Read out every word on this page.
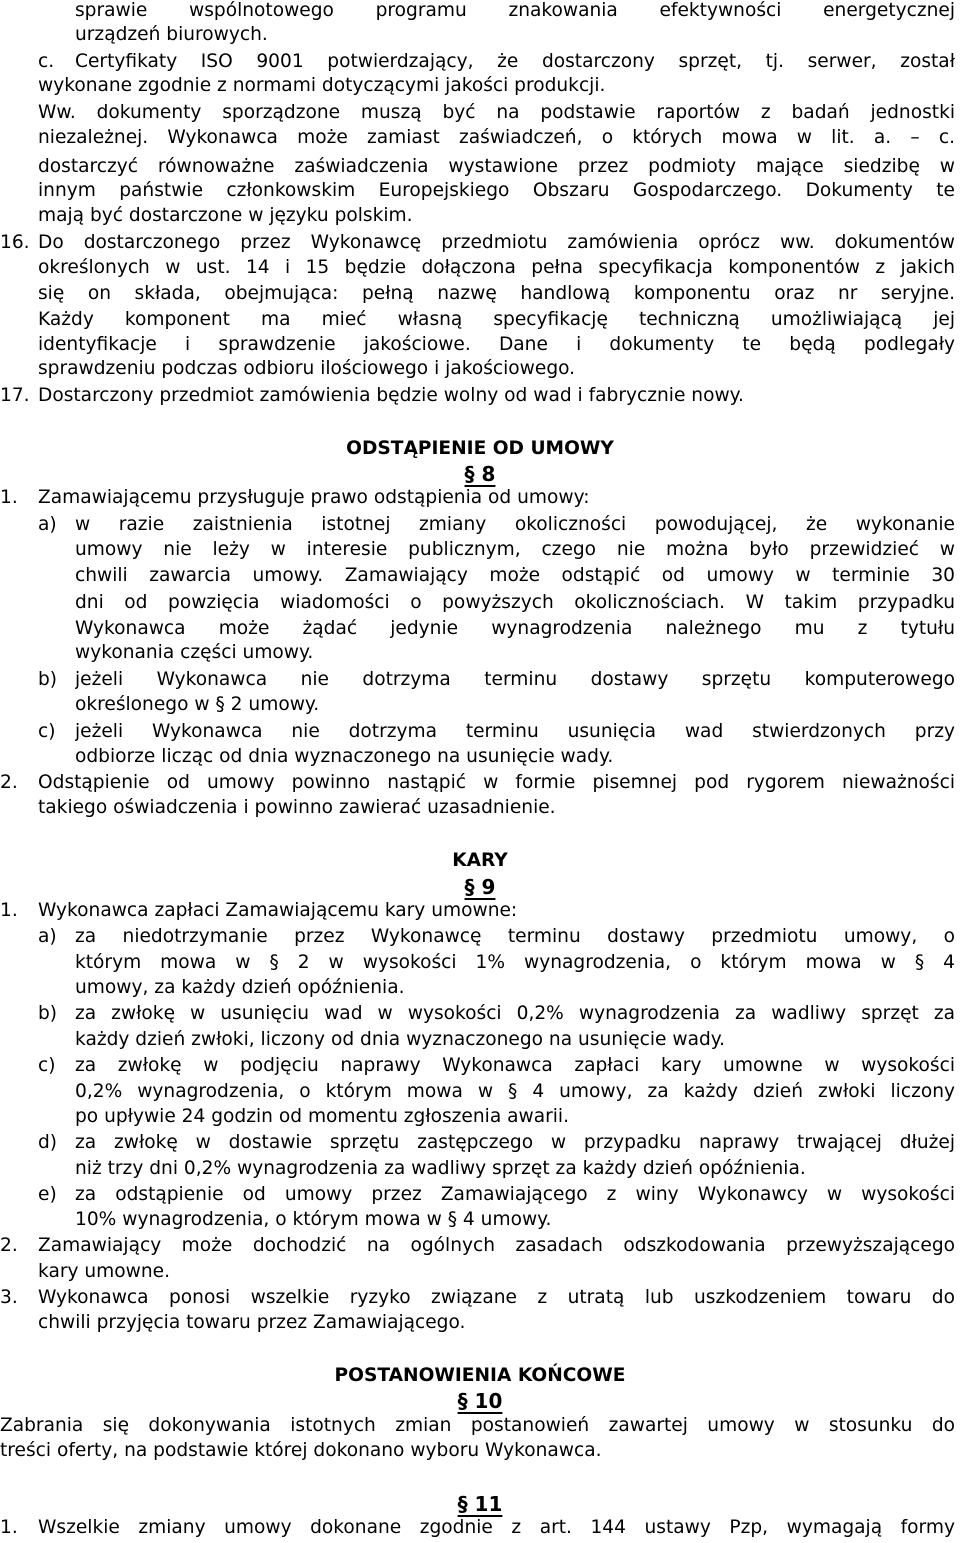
sprawie wspólnotowego programu znakowania efektywności energetycznej
urządzeń biurowych.
c. Certyfikaty ISO 9001 potwierdzający, że dostarczony sprzęt, tj. serwer, został
wykonane zgodnie z normami dotyczącymi jakości produkcji.
Ww. dokumenty sporządzone muszą być na podstawie raportów z badań jednostki
niezależnej. Wykonawca może zamiast zaświadczeń, o których mowa w lit. a. – c.
dostarczyć równoważne zaświadczenia wystawione przez podmioty mające siedzibę w
innym państwie członkowskim Europejskiego Obszaru Gospodarczego. Dokumenty te
mają być dostarczone w języku polskim.
16. Do dostarczonego przez Wykonawcę przedmiotu zamówienia oprócz ww. dokumentów
określonych w ust. 14 i 15 będzie dołączona pełna specyfikacja komponentów z jakich
się on składa, obejmująca: pełną nazwę handlową komponentu oraz nr seryjne.
Każdy komponent ma mieć własną specyfikację techniczną umożliwiającą jej
identyfikacje i sprawdzenie jakościowe. Dane i dokumenty te będą podlegały
sprawdzeniu podczas odbioru ilościowego i jakościowego.
17. Dostarczony przedmiot zamówienia będzie wolny od wad i fabrycznie nowy.
ODSTĄPIENIE OD UMOWY
§ 8
1. Zamawiającemu przysługuje prawo odstąpienia od umowy:
a) w razie zaistnienia istotnej zmiany okoliczności powodującej, że wykonanie
umowy nie leży w interesie publicznym, czego nie można było przewidzieć w
chwili zawarcia umowy. Zamawiający może odstąpić od umowy w terminie 30
dni od powzięcia wiadomości o powyższych okolicznościach. W takim przypadku
Wykonawca może żądać jedynie wynagrodzenia należnego mu z tytułu
wykonania części umowy.
b) jeżeli Wykonawca nie dotrzyma terminu dostawy sprzętu komputerowego
określonego w § 2 umowy.
c) jeżeli Wykonawca nie dotrzyma terminu usunięcia wad stwierdzonych przy
odbiorze licząc od dnia wyznaczonego na usunięcie wady.
2. Odstąpienie od umowy powinno nastąpić w formie pisemnej pod rygorem nieważności
takiego oświadczenia i powinno zawierać uzasadnienie.
KARY
§ 9
1. Wykonawca zapłaci Zamawiającemu kary umowne:
a) za niedotrzymanie przez Wykonawcę terminu dostawy przedmiotu umowy, o
którym mowa w § 2 w wysokości 1% wynagrodzenia, o którym mowa w § 4
umowy, za każdy dzień opóźnienia.
b) za zwłokę w usunięciu wad w wysokości 0,2% wynagrodzenia za wadliwy sprzęt za
każdy dzień zwłoki, liczony od dnia wyznaczonego na usunięcie wady.
c) za zwłokę w podjęciu naprawy Wykonawca zapłaci kary umowne w wysokości
0,2% wynagrodzenia, o którym mowa w § 4 umowy, za każdy dzień zwłoki liczony
po upływie 24 godzin od momentu zgłoszenia awarii.
d) za zwłokę w dostawie sprzętu zastępczego w przypadku naprawy trwającej dłużej
niż trzy dni 0,2% wynagrodzenia za wadliwy sprzęt za każdy dzień opóźnienia.
e) za odstąpienie od umowy przez Zamawiającego z winy Wykonawcy w wysokości
10% wynagrodzenia, o którym mowa w § 4 umowy.
2. Zamawiający może dochodzić na ogólnych zasadach odszkodowania przewyższającego
kary umowne.
3. Wykonawca ponosi wszelkie ryzyko związane z utratą lub uszkodzeniem towaru do
chwili przyjęcia towaru przez Zamawiającego.
POSTANOWIENIA KOŃCOWE
§ 10
Zabrania się dokonywania istotnych zmian postanowień zawartej umowy w stosunku do
treści oferty, na podstawie której dokonano wyboru Wykonawca.
§ 11
1. Wszelkie zmiany umowy dokonane zgodnie z art. 144 ustawy Pzp, wymagają formy
